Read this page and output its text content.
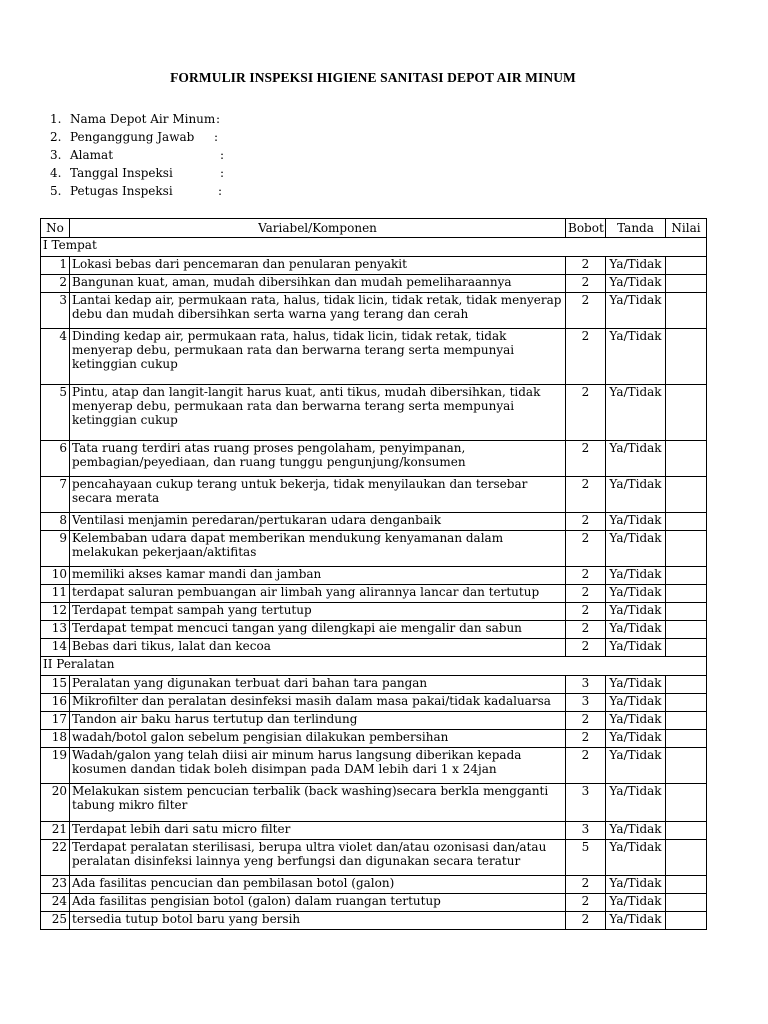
FORMULIR INSPEKSI HIGIENE SANITASI DEPOT AIR MINUM
1. Nama Depot Air Minum :
2. Penganggung Jawab :
3. Alamat	:
4. Tanggal Inspeksi	:
5. Petugas Inspeksi	:
No	Variabel/Komponen	Bobot	Tanda	Nilai
I Tempat				
1	Lokasi bebas dari pencemaran dan penularan penyakit	2	Ya/Tidak	
2	Bangunan kuat, aman, mudah dibersihkan dan mudah pemeliharaannya	2	Ya/Tidak	
3	Lantai kedap air, permukaan rata, halus, tidak licin, tidak retak, tidak menyerap debu dan mudah dibersihkan serta warna yang terang dan cerah	2	Ya/Tidak	
4	Dinding kedap air, permukaan rata, halus, tidak licin, tidak retak, tidak menyerap debu, permukaan rata dan berwarna terang serta mempunyai ketinggian cukup	2	Ya/Tidak	
5	Pintu, atap dan langit-langit harus kuat, anti tikus, mudah dibersihkan, tidak menyerap debu, permukaan rata dan berwarna terang serta mempunyai ketinggian cukup	2	Ya/Tidak	
6	Tata ruang terdiri atas ruang proses pengolaham, penyimpanan, pembagian/peyediaan, dan ruang tunggu pengunjung/konsumen	2	Ya/Tidak	
7	pencahayaan cukup terang untuk bekerja, tidak menyilaukan dan tersebar secara merata	2	Ya/Tidak	
8	Ventilasi menjamin peredaran/pertukaran udara denganbaik	2	Ya/Tidak	
9	Kelembaban udara dapat memberikan mendukung kenyamanan dalam melakukan pekerjaan/aktifitas	2	Ya/Tidak	
10	memiliki akses kamar mandi dan jamban	2	Ya/Tidak	
11	terdapat saluran pembuangan air limbah yang alirannya lancar dan tertutup	2	Ya/Tidak	
12	Terdapat tempat sampah yang tertutup	2	Ya/Tidak	
13	Terdapat tempat mencuci tangan yang dilengkapi aie mengalir dan sabun	2	Ya/Tidak	
14	Bebas dari tikus, lalat dan kecoa	2	Ya/Tidak	
II Peralatan				
15	Peralatan yang digunakan terbuat dari bahan tara pangan	3	Ya/Tidak	
16	Mikrofilter dan peralatan desinfeksi masih dalam masa pakai/tidak kadaluarsa	3	Ya/Tidak	
17	Tandon air baku harus tertutup dan terlindung	2	Ya/Tidak	
18	wadah/botol galon sebelum pengisian dilakukan pembersihan	2	Ya/Tidak	
19	Wadah/galon yang telah diisi air minum harus langsung diberikan kepada kosumen dandan tidak boleh disimpan pada DAM lebih dari 1 x 24jan	2	Ya/Tidak	
20	Melakukan sistem pencucian terbalik (back washing)secara berkla mengganti tabung mikro filter	3	Ya/Tidak	
21	Terdapat lebih dari satu micro filter	3	Ya/Tidak	
22	Terdapat peralatan sterilisasi, berupa ultra violet dan/atau ozonisasi dan/atau peralatan disinfeksi lainnya yeng berfungsi dan digunakan secara teratur	5	Ya/Tidak	
23	Ada fasilitas pencucian dan pembilasan botol (galon)	2	Ya/Tidak	
24	Ada fasilitas pengisian botol (galon) dalam ruangan tertutup	2	Ya/Tidak	
25	tersedia tutup botol baru yang bersih	2	Ya/Tidak	
